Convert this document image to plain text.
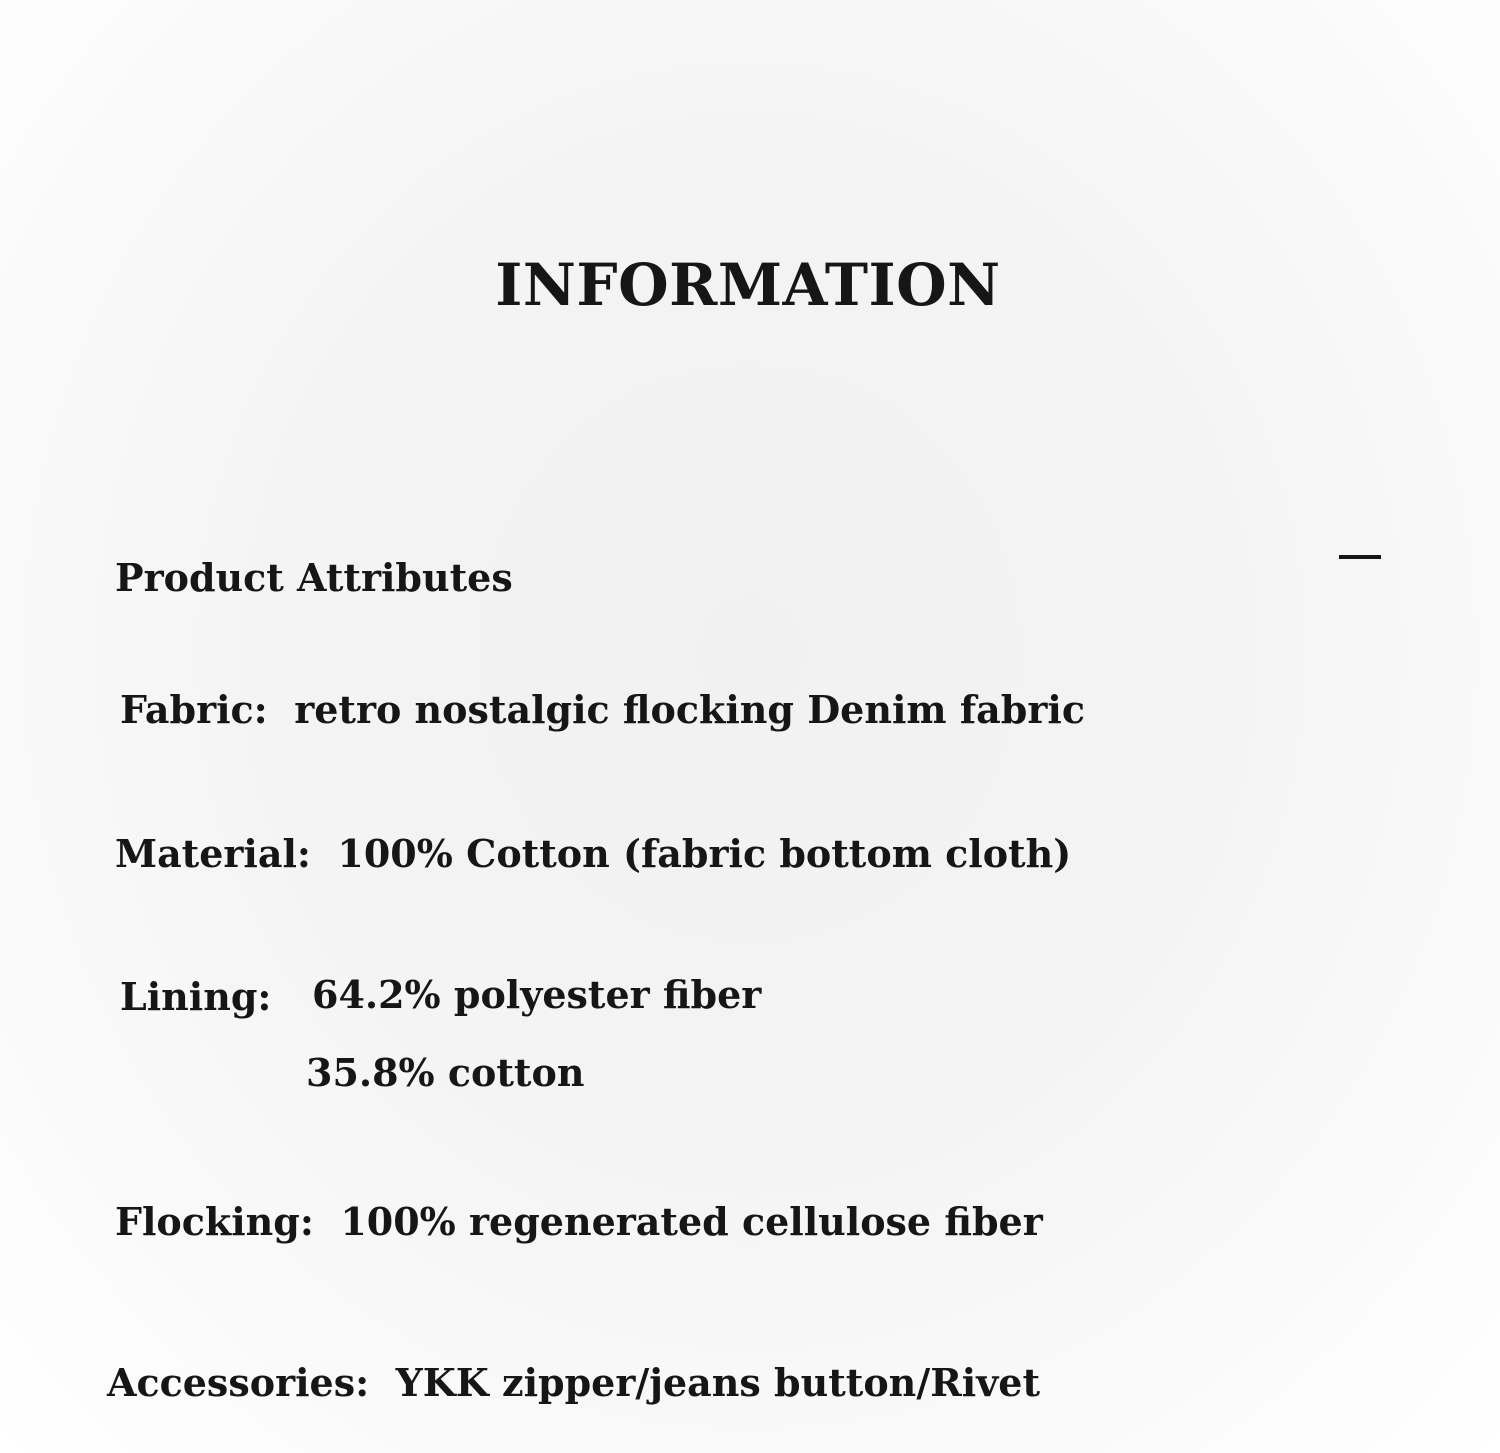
INFORMATION
Product Attributes
Fabric:  retro nostalgic flocking Denim fabric
Material:  100% Cotton (fabric bottom cloth)
Lining: 64.2% polyester fiber
35.8% cotton
Flocking:  100% regenerated cellulose fiber
Accessories:  YKK zipper/jeans button/Rivet
